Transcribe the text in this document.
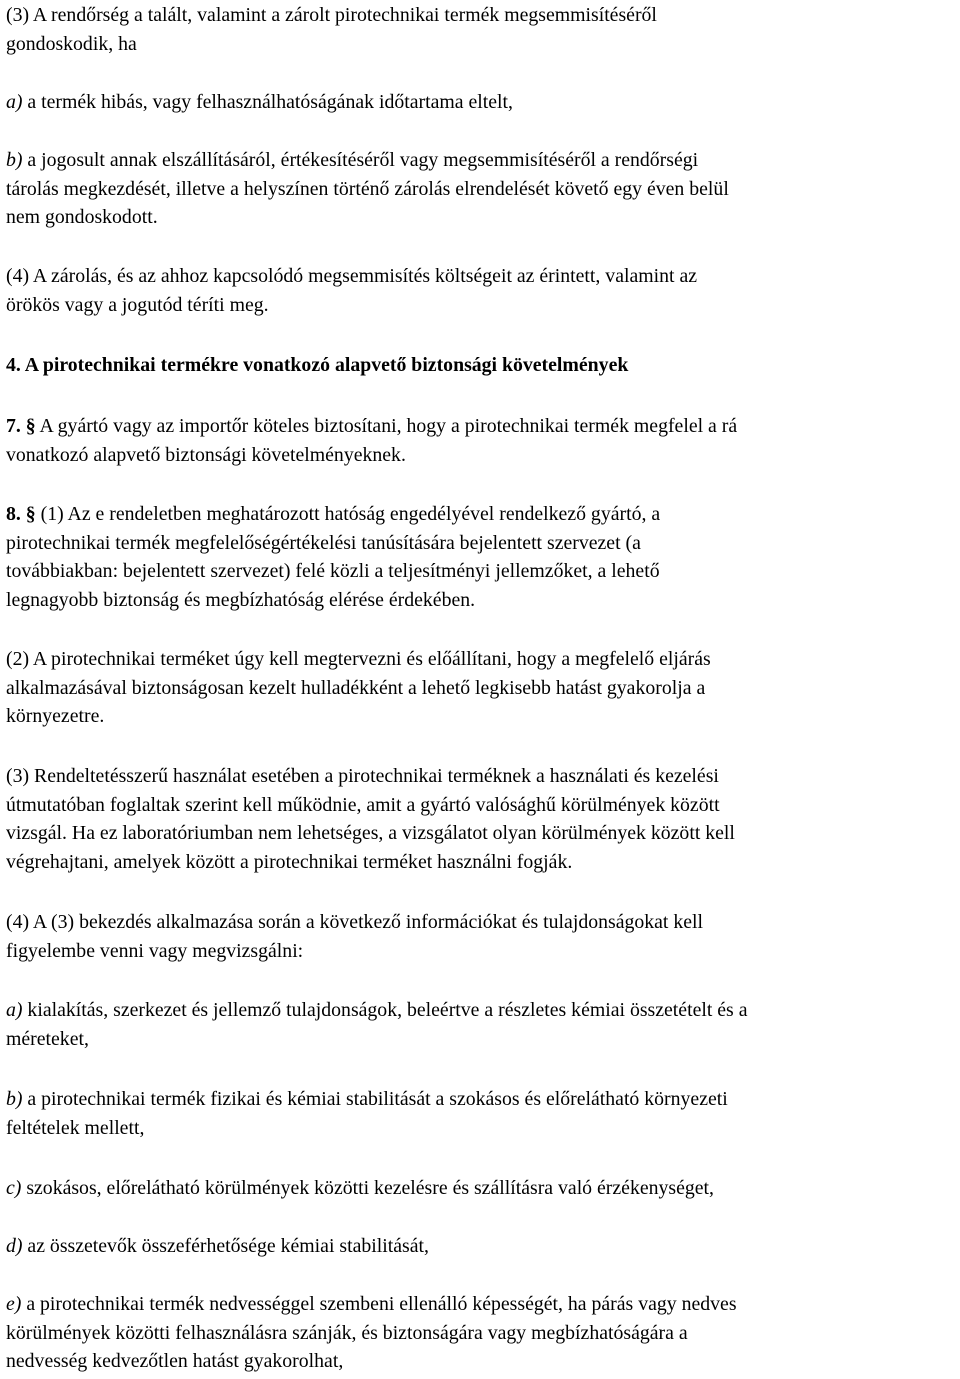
(3) A rendőrség a talált, valamint a zárolt pirotechnikai termék megsemmisítéséről
gondoskodik, ha
a) a termék hibás, vagy felhasználhatóságának időtartama eltelt,
b) a jogosult annak elszállításáról, értékesítéséről vagy megsemmisítéséről a rendőrségi
tárolás megkezdését, illetve a helyszínen történő zárolás elrendelését követő egy éven belül
nem gondoskodott.
(4) A zárolás, és az ahhoz kapcsolódó megsemmisítés költségeit az érintett, valamint az
örökös vagy a jogutód téríti meg.
4. A pirotechnikai termékre vonatkozó alapvető biztonsági követelmények
7. § A gyártó vagy az importőr köteles biztosítani, hogy a pirotechnikai termék megfelel a rá
vonatkozó alapvető biztonsági követelményeknek.
8. § (1) Az e rendeletben meghatározott hatóság engedélyével rendelkező gyártó, a
pirotechnikai termék megfelelőségértékelési tanúsítására bejelentett szervezet (a
továbbiakban: bejelentett szervezet) felé közli a teljesítményi jellemzőket, a lehető
legnagyobb biztonság és megbízhatóság elérése érdekében.
(2) A pirotechnikai terméket úgy kell megtervezni és előállítani, hogy a megfelelő eljárás
alkalmazásával biztonságosan kezelt hulladékként a lehető legkisebb hatást gyakorolja a
környezetre.
(3) Rendeltetésszerű használat esetében a pirotechnikai terméknek a használati és kezelési
útmutatóban foglaltak szerint kell működnie, amit a gyártó valósághű körülmények között
vizsgál. Ha ez laboratóriumban nem lehetséges, a vizsgálatot olyan körülmények között kell
végrehajtani, amelyek között a pirotechnikai terméket használni fogják.
(4) A (3) bekezdés alkalmazása során a következő információkat és tulajdonságokat kell
figyelembe venni vagy megvizsgálni:
a) kialakítás, szerkezet és jellemző tulajdonságok, beleértve a részletes kémiai összetételt és a
méreteket,
b) a pirotechnikai termék fizikai és kémiai stabilitását a szokásos és előrelátható környezeti
feltételek mellett,
c) szokásos, előrelátható körülmények közötti kezelésre és szállításra való érzékenységet,
d) az összetevők összeférhetősége kémiai stabilitását,
e) a pirotechnikai termék nedvességgel szembeni ellenálló képességét, ha párás vagy nedves
körülmények közötti felhasználásra szánják, és biztonságára vagy megbízhatóságára a
nedvesség kedvezőtlen hatást gyakorolhat,
